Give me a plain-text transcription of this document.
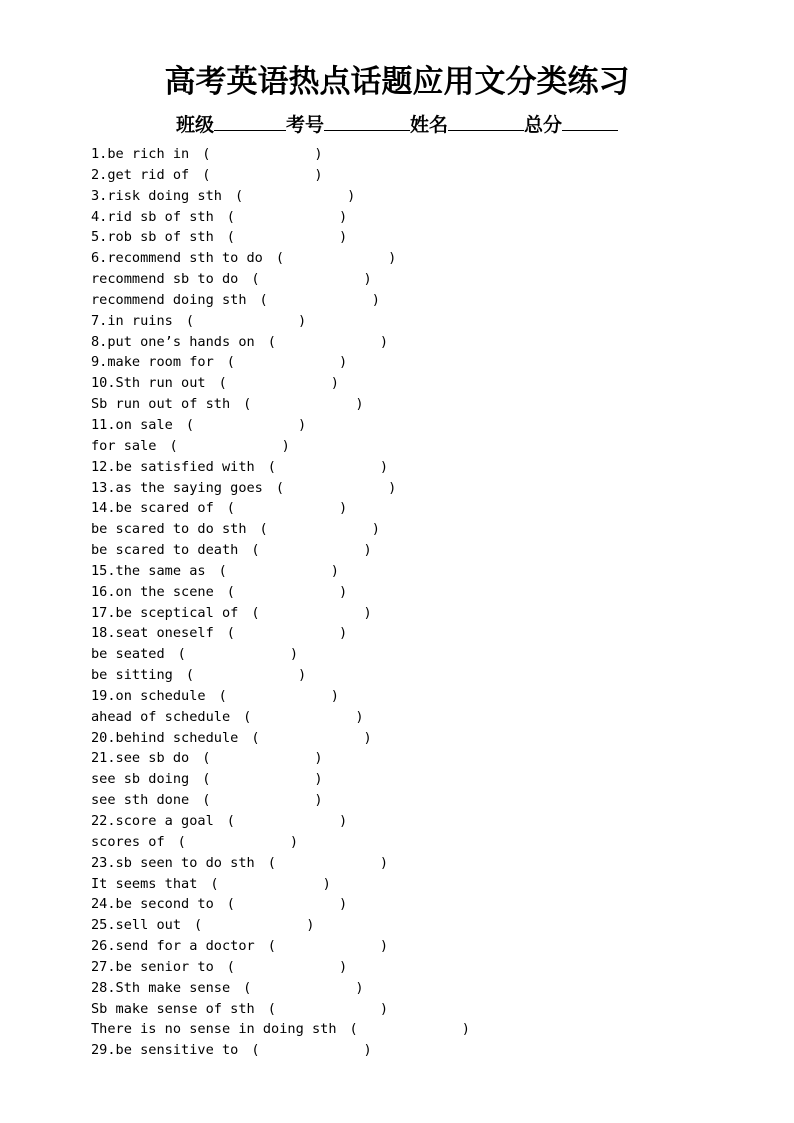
高考英语热点话题应用文分类练习
班级	考号	姓名	总分
1.be rich in (	)
2.get rid of (	)
3.risk doing sth (	)
4.rid sb of sth (	)
5.rob sb of sth (	)
6.recommend sth to do (	)
recommend sb to do (	)
recommend doing sth (	)
7.in ruins (	)
8.put one’s hands on (	)
9.make room for (	)
10.Sth run out (	)
Sb run out of sth (	)
11.on sale (	)
for sale (	)
12.be satisfied with (	)
13.as the saying goes (	)
14.be scared of (	)
be scared to do sth (	)
be scared to death (	)
15.the same as (	)
16.on the scene (	)
17.be sceptical of (	)
18.seat oneself (	)
be seated (	)
be sitting (	)
19.on schedule (	)
ahead of schedule (	)
20.behind schedule (	)
21.see sb do (	)
see sb doing (	)
see sth done (	)
22.score a goal (	)
scores of (	)
23.sb seen to do sth (	)
It seems that (	)
24.be second to (	)
25.sell out (	)
26.send for a doctor (	)
27.be senior to (	)
28.Sth make sense (	)
Sb make sense of sth (	)
There is no sense in doing sth (	)
29.be sensitive to (	)
